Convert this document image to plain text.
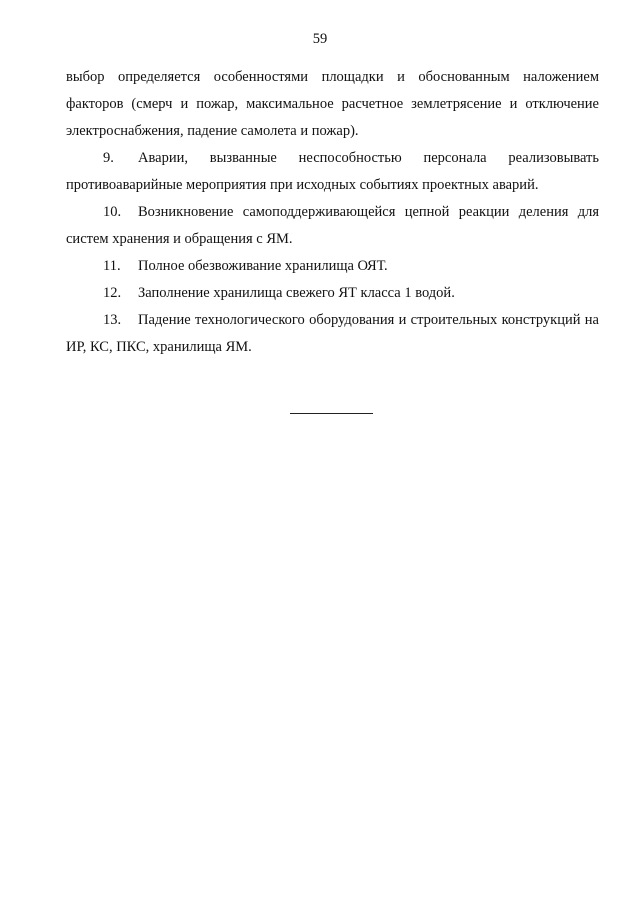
59

выбор определяется особенностями площадки и обоснованным наложением факторов (смерч и пожар, максимальное расчетное землетрясение и отключение электроснабжения, падение самолета и пожар).

9. Аварии, вызванные неспособностью персонала реализовывать противоаварийные мероприятия при исходных событиях проектных аварий.

10. Возникновение самоподдерживающейся цепной реакции деления для систем хранения и обращения с ЯМ.

11. Полное обезвоживание хранилища ОЯТ.

12. Заполнение хранилища свежего ЯТ класса 1 водой.

13. Падение технологического оборудования и строительных конструкций на ИР, КС, ПКС, хранилища ЯМ.
